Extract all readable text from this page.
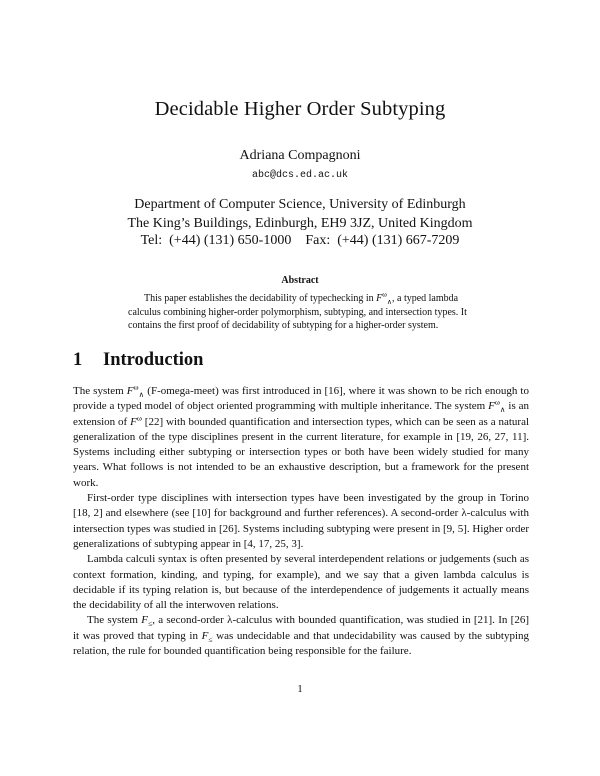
Decidable Higher Order Subtyping
Adriana Compagnoni
abc@dcs.ed.ac.uk
Department of Computer Science, University of Edinburgh
The King’s Buildings, Edinburgh, EH9 3JZ, United Kingdom
Tel:  (+44) (131) 650-1000    Fax:  (+44) (131) 667-7209
Abstract

This paper establishes the decidability of typechecking in $F^\omega_\wedge$, a typed lambda calculus combining higher-order polymorphism, subtyping, and intersection types. It contains the first proof of decidability of subtyping for a higher-order system.

1 Introduction

The system $F^\omega_\wedge$ (F-omega-meet) was first introduced in [16], where it was shown to be rich enough to provide a typed model of object oriented programming with multiple inheritance. The system $F^\omega_\wedge$ is an extension of $F^\omega$ [22] with bounded quantification and intersection types, which can be seen as a natural generalization of the type disciplines present in the current literature, for example in [19, 26, 27, 11]. Systems including either subtyping or intersection types or both have been widely studied for many years. What follows is not intended to be an exhaustive description, but a framework for the present work.

First-order type disciplines with intersection types have been investigated by the group in Torino [18, 2] and elsewhere (see [10] for background and further references). A second-order λ-calculus with intersection types was studied in [26]. Systems including subtyping were present in [9, 5]. Higher order generalizations of subtyping appear in [4, 17, 25, 3].

Lambda calculi syntax is often presented by several interdependent relations or judgements (such as context formation, kinding, and typing, for example), and we say that a given lambda calculus is decidable if its typing relation is, but because of the interdependence of judgements it actually means the decidability of all the interwoven relations.

The system $F_\le$, a second-order λ-calculus with bounded quantification, was studied in [21]. In [26] it was proved that typing in $F_\le$ was undecidable and that undecidability was caused by the subtyping relation, the rule for bounded quantification being responsible for the failure.

1
